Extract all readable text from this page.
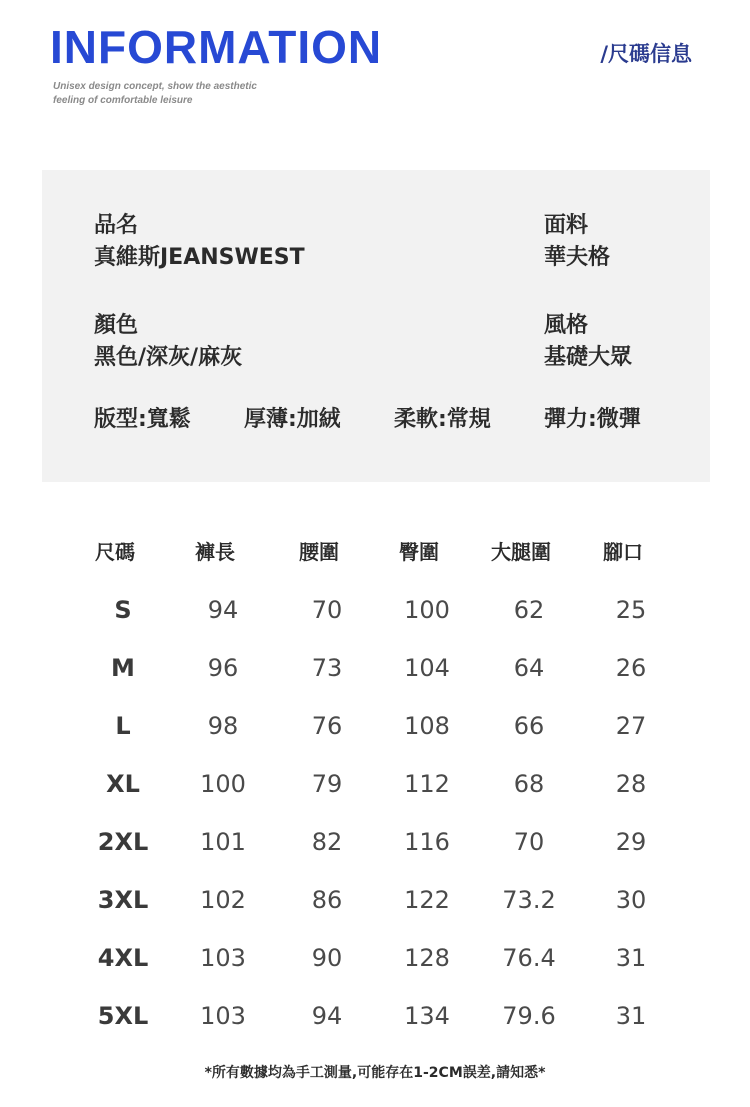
INFORMATION
Unisex design concept, show the aesthetic
feeling of comfortable leisure
/尺碼信息
品名
真維斯JEANSWEST
面料
華夫格
顏色
黑色/深灰/麻灰
風格
基礎大眾
版型:寬鬆 厚薄:加絨 柔軟:常規 彈力:微彈
尺碼	褲長	腰圍	臀圍	大腿圍	腳口
S	94	70	100	62	25
M	96	73	104	64	26
L	98	76	108	66	27
XL	100	79	112	68	28
2XL	101	82	116	70	29
3XL	102	86	122	73.2	30
4XL	103	90	128	76.4	31
5XL	103	94	134	79.6	31
*所有數據均為手工測量,可能存在1-2CM誤差,請知悉*
